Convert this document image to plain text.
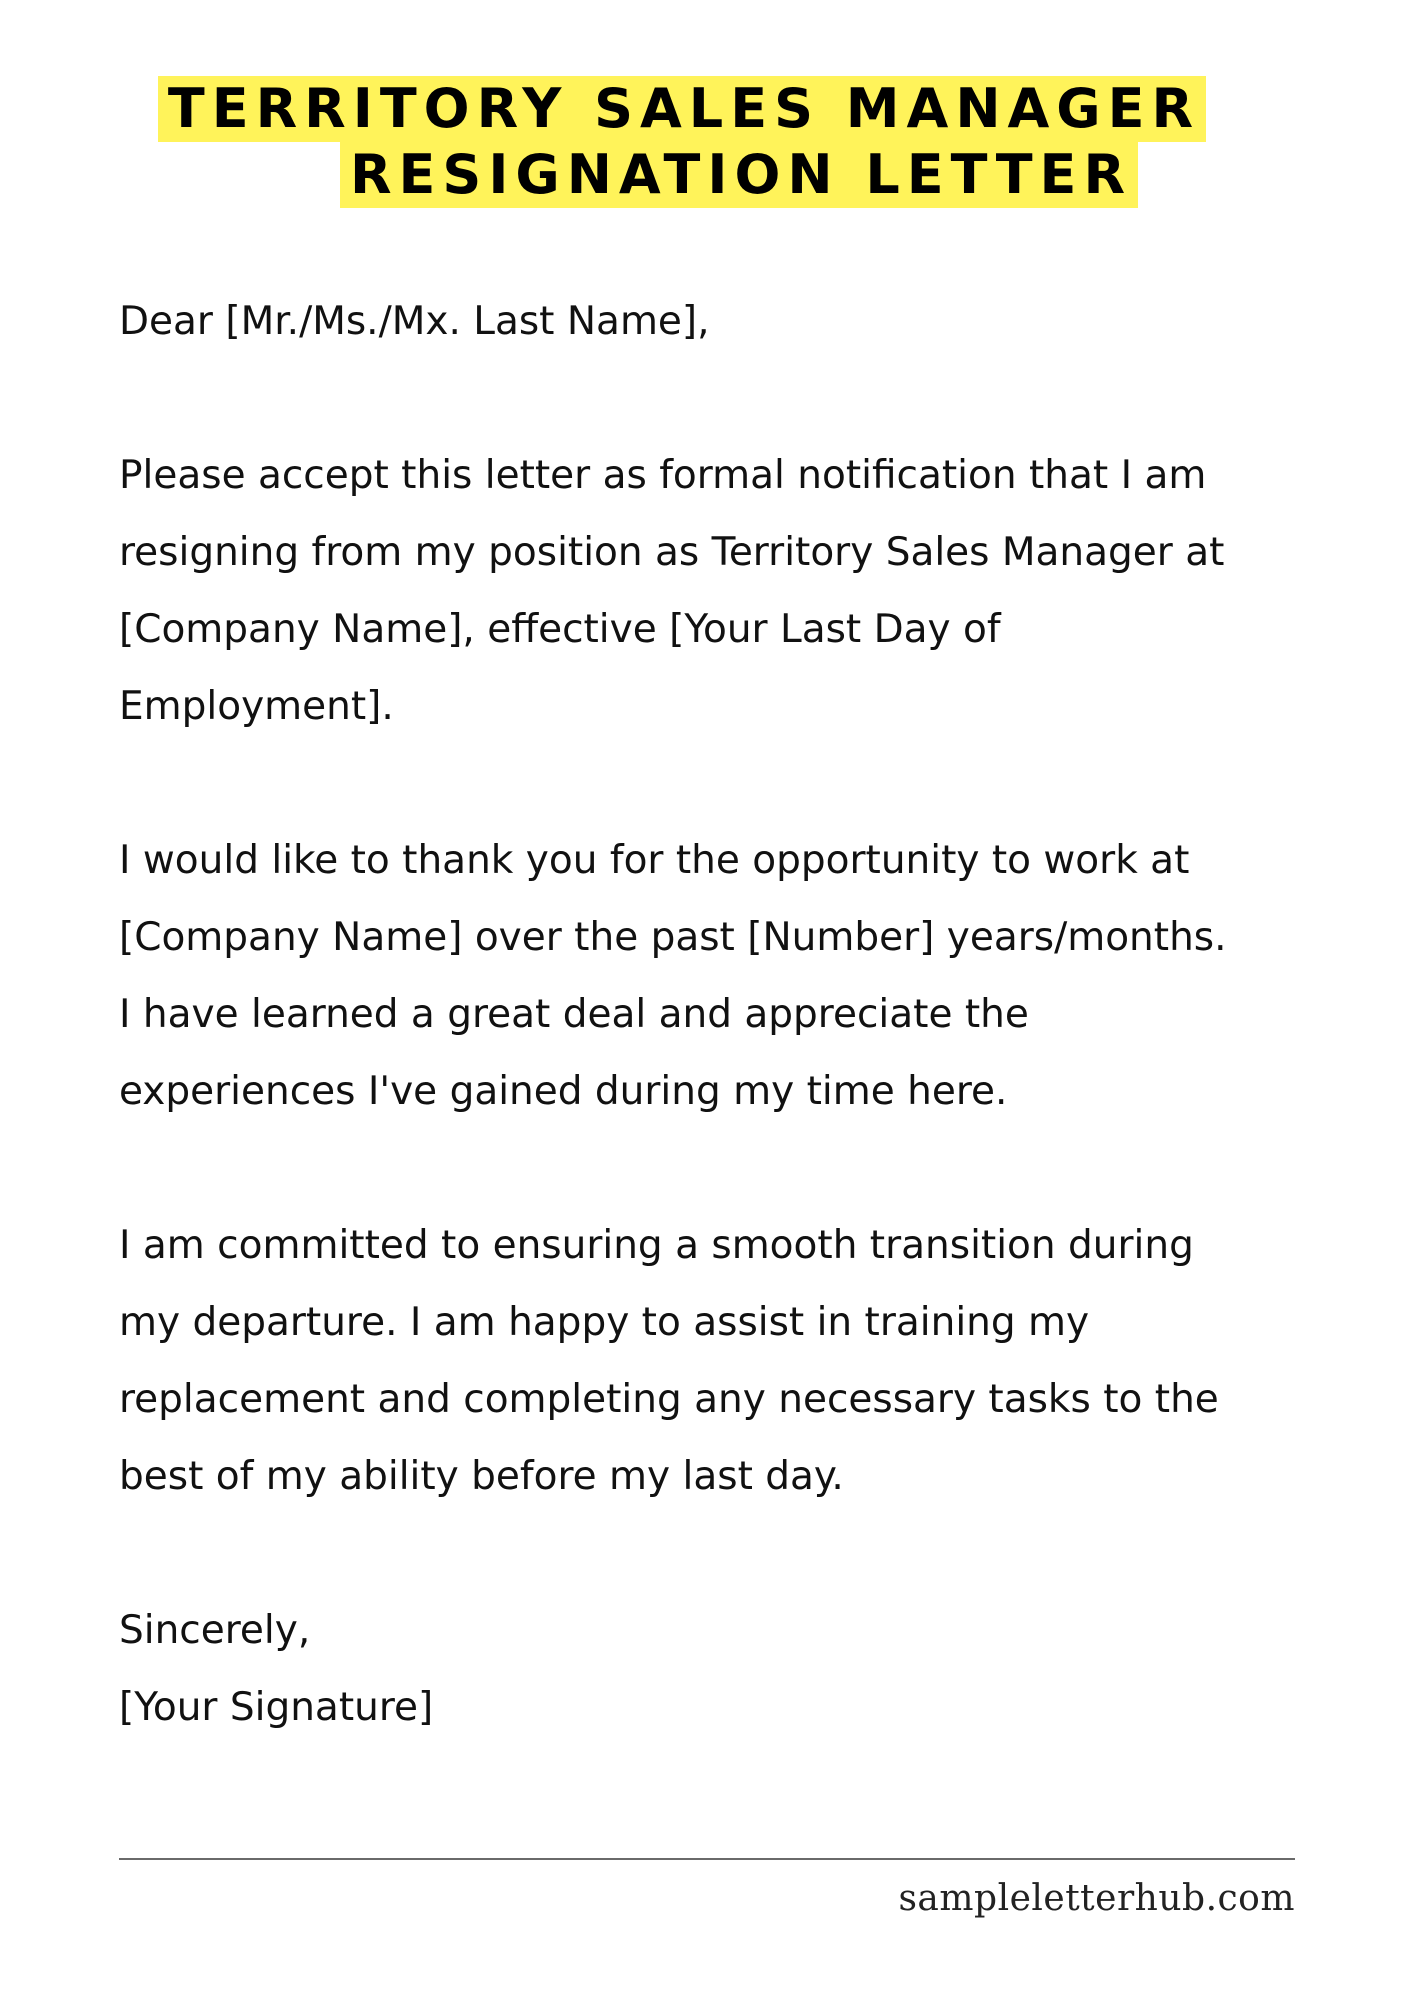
TERRITORY SALES MANAGER
RESIGNATION LETTER

Dear [Mr./Ms./Mx. Last Name],

Please accept this letter as formal notification that I am

resigning from my position as Territory Sales Manager at

[Company Name], effective [Your Last Day of

Employment].

I would like to thank you for the opportunity to work at

[Company Name] over the past [Number] years/months.

I have learned a great deal and appreciate the

experiences I've gained during my time here.

I am committed to ensuring a smooth transition during

my departure. I am happy to assist in training my

replacement and completing any necessary tasks to the

best of my ability before my last day.

Sincerely,

[Your Signature]

sampleletterhub.com
